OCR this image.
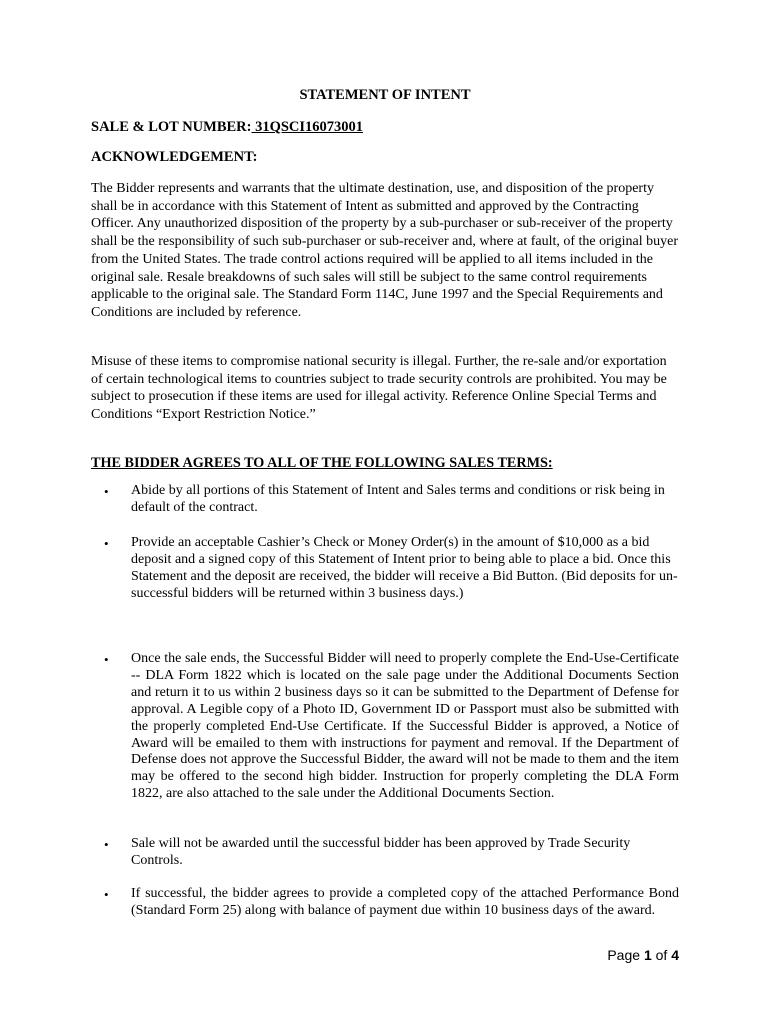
STATEMENT OF INTENT

SALE & LOT NUMBER: 31QSCI16073001

ACKNOWLEDGEMENT:

The Bidder represents and warrants that the ultimate destination, use, and disposition of the property shall be in accordance with this Statement of Intent as submitted and approved by the Contracting Officer. Any unauthorized disposition of the property by a sub-purchaser or sub-receiver of the property shall be the responsibility of such sub-purchaser or sub-receiver and, where at fault, of the original buyer from the United States. The trade control actions required will be applied to all items included in the original sale. Resale breakdowns of such sales will still be subject to the same control requirements applicable to the original sale. The Standard Form 114C, June 1997 and the Special Requirements and Conditions are included by reference.

Misuse of these items to compromise national security is illegal. Further, the re-sale and/or exportation of certain technological items to countries subject to trade security controls are prohibited. You may be subject to prosecution if these items are used for illegal activity. Reference Online Special Terms and Conditions “Export Restriction Notice.”

THE BIDDER AGREES TO ALL OF THE FOLLOWING SALES TERMS:

• Abide by all portions of this Statement of Intent and Sales terms and conditions or risk being in default of the contract.

• Provide an acceptable Cashier’s Check or Money Order(s) in the amount of $10,000 as a bid deposit and a signed copy of this Statement of Intent prior to being able to place a bid. Once this Statement and the deposit are received, the bidder will receive a Bid Button. (Bid deposits for un-successful bidders will be returned within 3 business days.)

• Once the sale ends, the Successful Bidder will need to properly complete the End-Use-Certificate -- DLA Form 1822 which is located on the sale page under the Additional Documents Section and return it to us within 2 business days so it can be submitted to the Department of Defense for approval. A Legible copy of a Photo ID, Government ID or Passport must also be submitted with the properly completed End-Use Certificate. If the Successful Bidder is approved, a Notice of Award will be emailed to them with instructions for payment and removal. If the Department of Defense does not approve the Successful Bidder, the award will not be made to them and the item may be offered to the second high bidder. Instruction for properly completing the DLA Form 1822, are also attached to the sale under the Additional Documents Section.

• Sale will not be awarded until the successful bidder has been approved by Trade Security Controls.

• If successful, the bidder agrees to provide a completed copy of the attached Performance Bond (Standard Form 25) along with balance of payment due within 10 business days of the award.

Page 1 of 4
